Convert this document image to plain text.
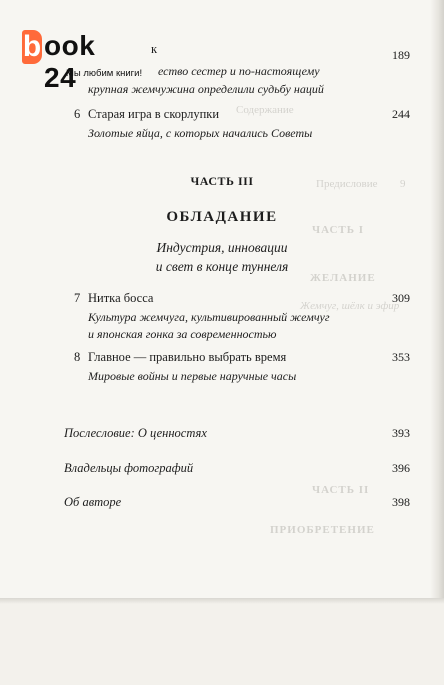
Содержание
Предисловие 9
ЧАСТЬ I
ЖЕЛАНИЕ
Жемчуг, шёлк и эфир
ЧАСТЬ II
ПРИОБРЕТЕНИЕ
b ook 24
Мы любим книги!
к	189
ество сестер и по-настоящему
крупная жемчужина определили судьбу наций
6 Старая игра в скорлупки	244
Золотые яйца, с которых начались Советы
ЧАСТЬ III
ОБЛАДАНИЕ
Индустрия, инновации
и свет в конце туннеля
7 Нитка босса	309
Культура жемчуга, культивированный жемчуг
и японская гонка за современностью
8 Главное — правильно выбрать время	353
Мировые войны и первые наручные часы
Послесловие: О ценностях	393
Владельцы фотографий	396
Об авторе	398
